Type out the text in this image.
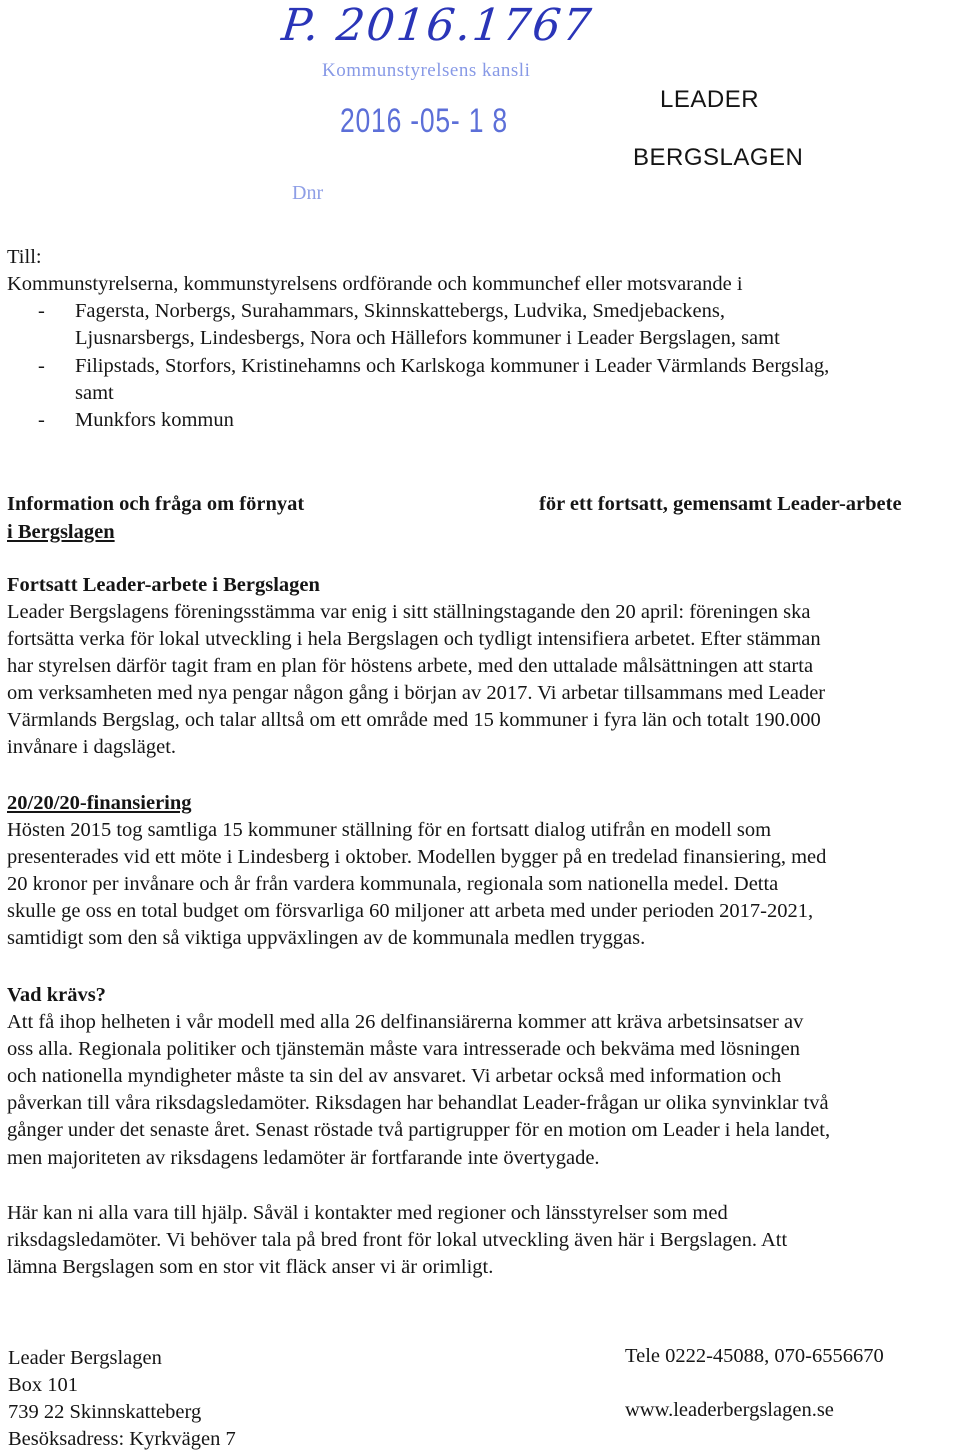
P. 2016.1767
Kommunstyrelsens kansli
2016 -05- 1 8
Dnr
LEADER
BERGSLAGEN
Till:
Kommunstyrelserna, kommunstyrelsens ordförande och kommunchef eller motsvarande i
- Fagersta, Norbergs, Surahammars, Skinnskattebergs, Ludvika, Smedjebackens,
Ljusnarsbergs, Lindesbergs, Nora och Hällefors kommuner i Leader Bergslagen, samt
- Filipstads, Storfors, Kristinehamns och Karlskoga kommuner i Leader Värmlands Bergslag,
samt
- Munkfors kommun
Information och fråga om förnyat	för ett fortsatt, gemensamt Leader-arbete
i Bergslagen
Fortsatt Leader-arbete i Bergslagen
Leader Bergslagens föreningsstämma var enig i sitt ställningstagande den 20 april: föreningen ska
fortsätta verka för lokal utveckling i hela Bergslagen och tydligt intensifiera arbetet. Efter stämman
har styrelsen därför tagit fram en plan för höstens arbete, med den uttalade målsättningen att starta
om verksamheten med nya pengar någon gång i början av 2017. Vi arbetar tillsammans med Leader
Värmlands Bergslag, och talar alltså om ett område med 15 kommuner i fyra län och totalt 190.000
invånare i dagsläget.
20/20/20-finansiering
Hösten 2015 tog samtliga 15 kommuner ställning för en fortsatt dialog utifrån en modell som
presenterades vid ett möte i Lindesberg i oktober. Modellen bygger på en tredelad finansiering, med
20 kronor per invånare och år från vardera kommunala, regionala som nationella medel. Detta
skulle ge oss en total budget om försvarliga 60 miljoner att arbeta med under perioden 2017-2021,
samtidigt som den så viktiga uppväxlingen av de kommunala medlen tryggas.
Vad krävs?
Att få ihop helheten i vår modell med alla 26 delfinansiärerna kommer att kräva arbetsinsatser av
oss alla. Regionala politiker och tjänstemän måste vara intresserade och bekväma med lösningen
och nationella myndigheter måste ta sin del av ansvaret. Vi arbetar också med information och
påverkan till våra riksdagsledamöter. Riksdagen har behandlat Leader-frågan ur olika synvinklar två
gånger under det senaste året. Senast röstade två partigrupper för en motion om Leader i hela landet,
men majoriteten av riksdagens ledamöter är fortfarande inte övertygade.
Här kan ni alla vara till hjälp. Såväl i kontakter med regioner och länsstyrelser som med
riksdagsledamöter. Vi behöver tala på bred front för lokal utveckling även här i Bergslagen. Att
lämna Bergslagen som en stor vit fläck anser vi är orimligt.
Leader Bergslagen
Box 101
739 22 Skinnskatteberg
Besöksadress: Kyrkvägen 7
Tele 0222-45088, 070-6556670
www.leaderbergslagen.se
